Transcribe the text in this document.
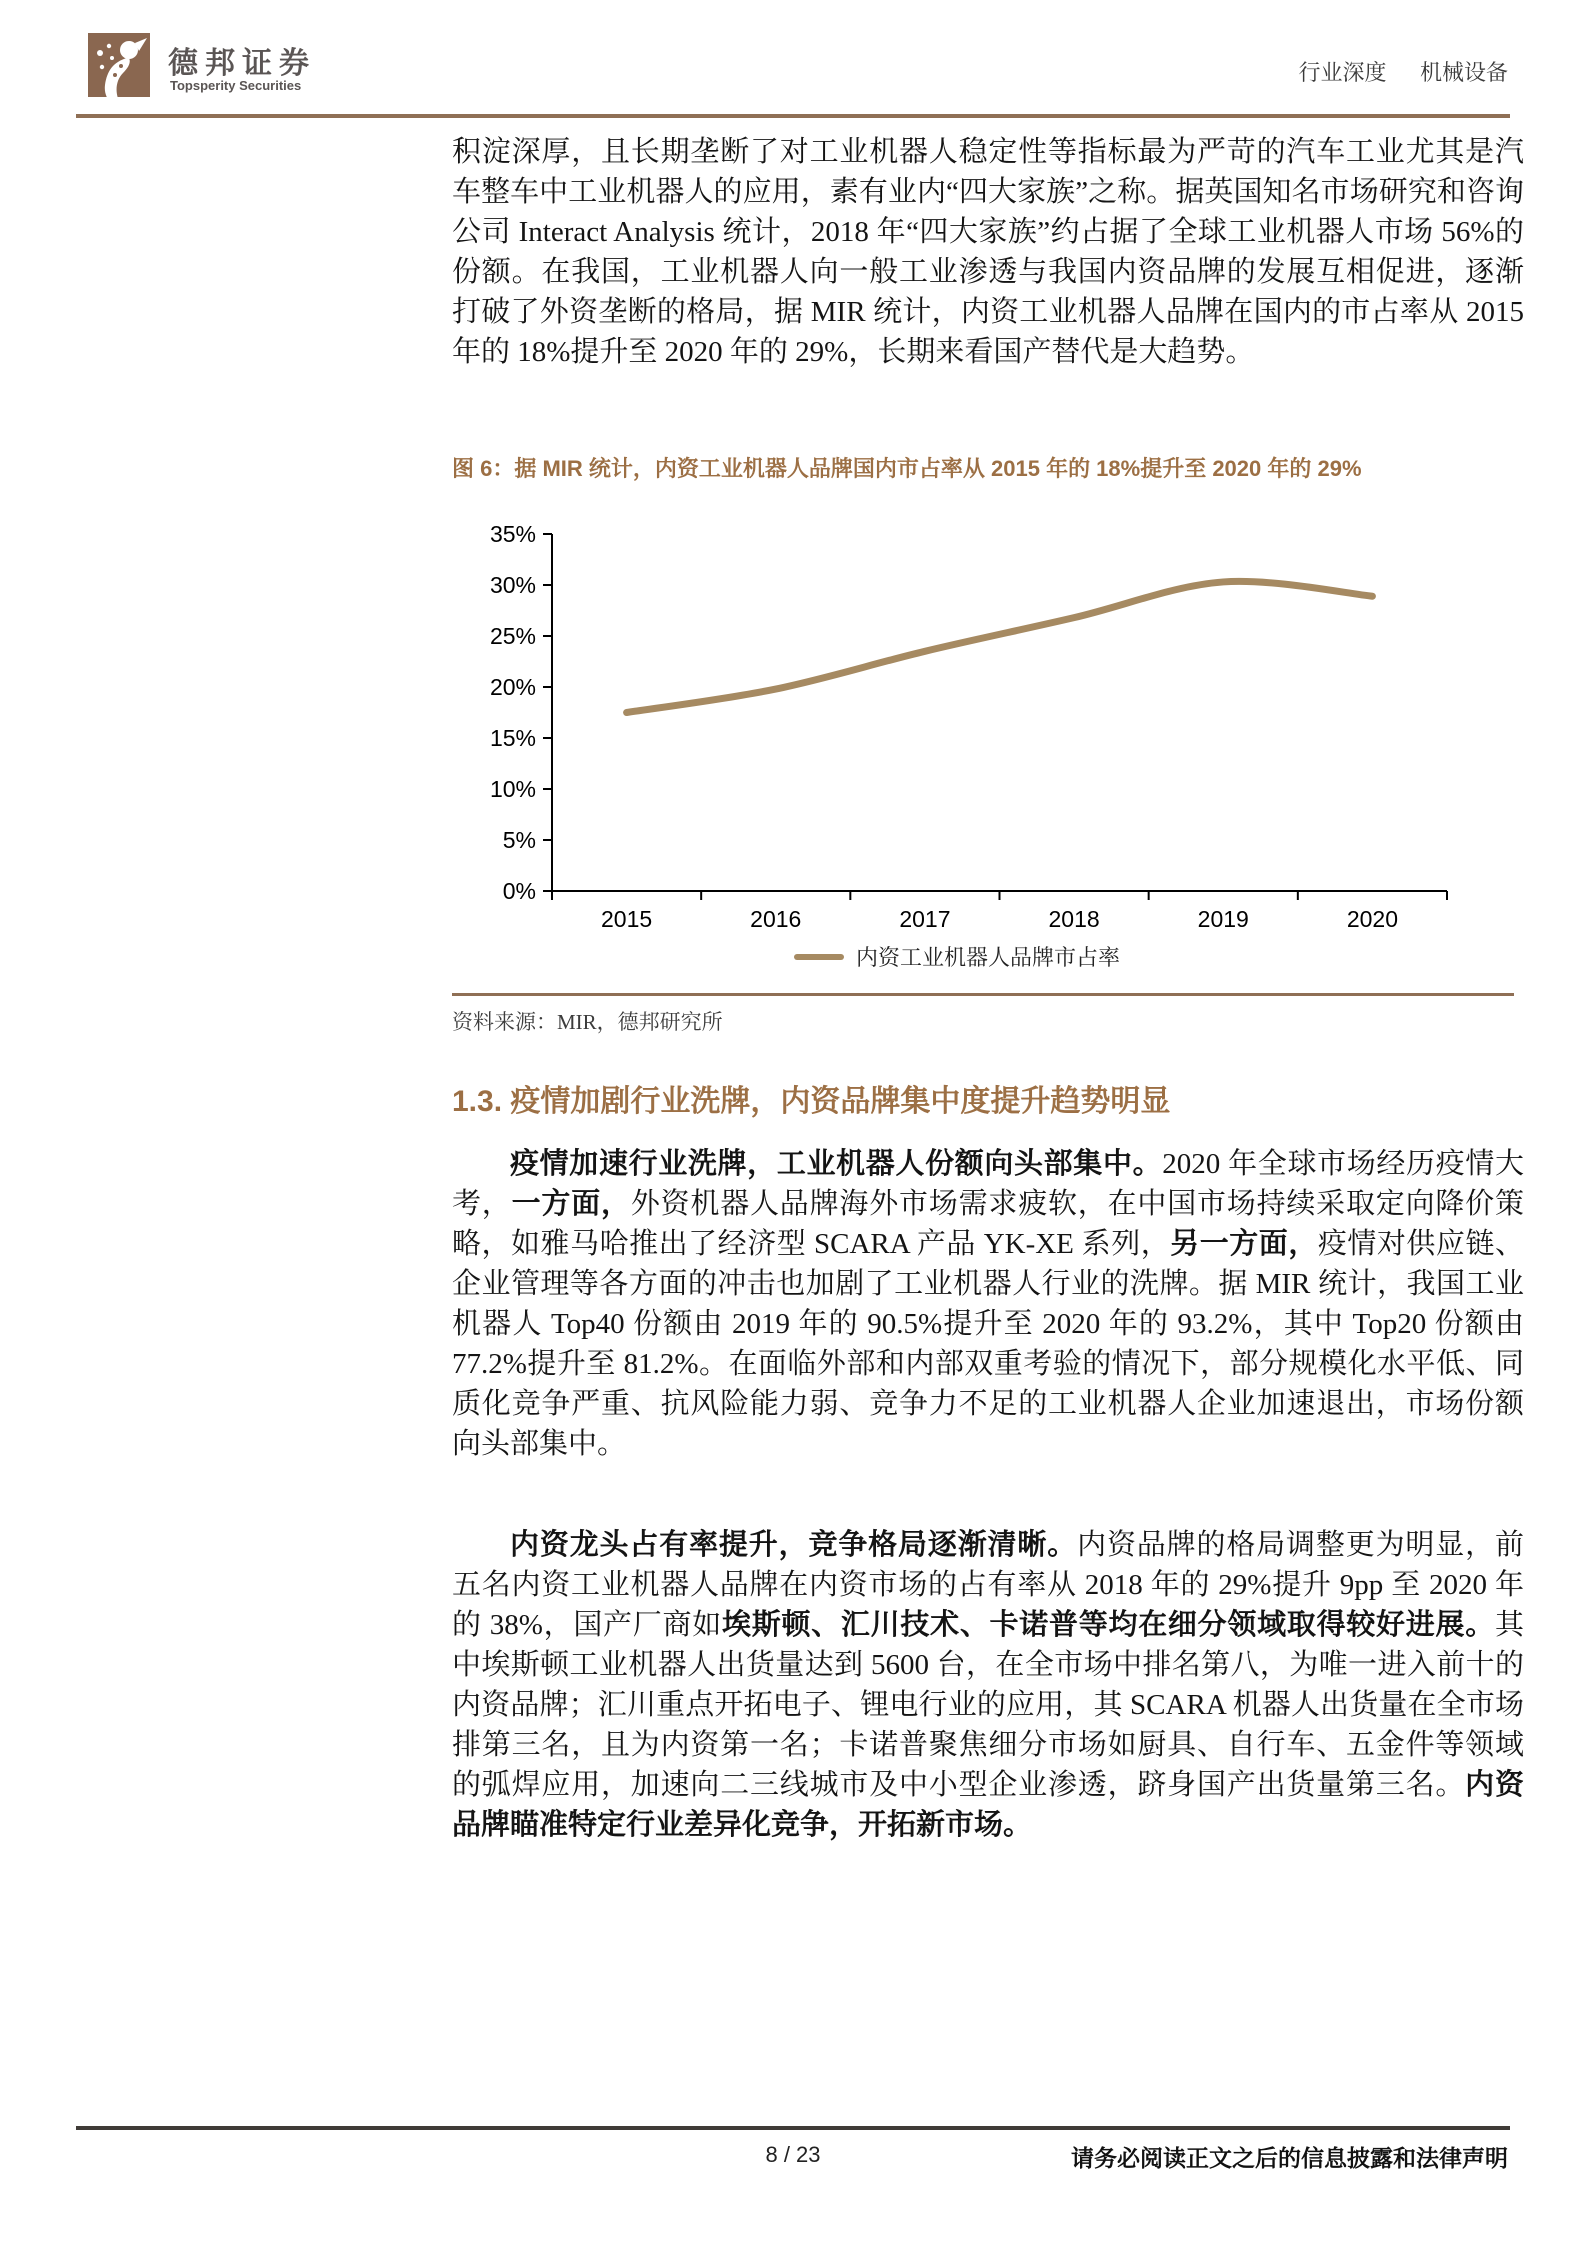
德邦证券
Topsperity Securities
行业深度 机械设备
积淀深厚，且长期垄断了对工业机器人稳定性等指标最为严苛的汽车工业尤其是汽车整车中工业机器人的应用，素有业内“四大家族”之称。据英国知名市场研究和咨询公司 Interact Analysis 统计，2018 年“四大家族”约占据了全球工业机器人市场 56%的份额。在我国，工业机器人向一般工业渗透与我国内资品牌的发展互相促进，逐渐打破了外资垄断的格局，据 MIR 统计，内资工业机器人品牌在国内的市占率从 2015 年的 18%提升至 2020 年的 29%，长期来看国产替代是大趋势。
图 6：据 MIR 统计，内资工业机器人品牌国内市占率从 2015 年的 18%提升至 2020 年的 29%
0%
5%
10%
15%
20%
25%
30%
35%
2015	2016	2017	2018	2019	2020
内资工业机器人品牌市占率
资料来源：MIR，德邦研究所
1.3. 疫情加剧行业洗牌，内资品牌集中度提升趋势明显
疫情加速行业洗牌，工业机器人份额向头部集中。2020 年全球市场经历疫情大考，一方面，外资机器人品牌海外市场需求疲软，在中国市场持续采取定向降价策略，如雅马哈推出了经济型 SCARA 产品 YK-XE 系列，另一方面，疫情对供应链、企业管理等各方面的冲击也加剧了工业机器人行业的洗牌。据 MIR 统计，我国工业机器人 Top40 份额由 2019 年的 90.5%提升至 2020 年的 93.2%，其中 Top20 份额由 77.2%提升至 81.2%。在面临外部和内部双重考验的情况下，部分规模化水平低、同质化竞争严重、抗风险能力弱、竞争力不足的工业机器人企业加速退出，市场份额向头部集中。
内资龙头占有率提升，竞争格局逐渐清晰。内资品牌的格局调整更为明显，前五名内资工业机器人品牌在内资市场的占有率从 2018 年的 29%提升 9pp 至 2020 年的 38%，国产厂商如埃斯顿、汇川技术、卡诺普等均在细分领域取得较好进展。其中埃斯顿工业机器人出货量达到 5600 台，在全市场中排名第八，为唯一进入前十的内资品牌；汇川重点开拓电子、锂电行业的应用，其 SCARA 机器人出货量在全市场排第三名，且为内资第一名；卡诺普聚焦细分市场如厨具、自行车、五金件等领域的弧焊应用，加速向二三线城市及中小型企业渗透，跻身国产出货量第三名。内资品牌瞄准特定行业差异化竞争，开拓新市场。
8 / 23	请务必阅读正文之后的信息披露和法律声明
